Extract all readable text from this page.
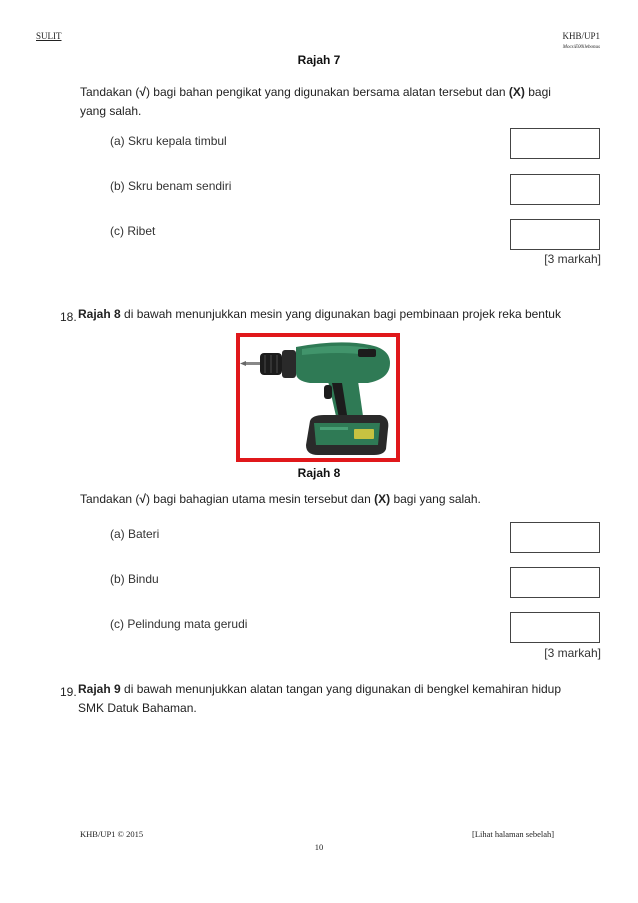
SULIT	KHB/UP1
Mocs\E00ilebonus
Rajah 7
Tandakan (√) bagi bahan pengikat yang digunakan bersama alatan tersebut dan (X) bagi
yang salah.
(a) Skru kepala timbul
(b) Skru benam sendiri
(c) Ribet
[3 markah]
18. Rajah 8 di bawah menunjukkan mesin yang digunakan bagi pembinaan projek reka bentuk
Rajah 8
Tandakan (√) bagi bahagian utama mesin tersebut dan (X) bagi yang salah.
(a) Bateri
(b) Bindu
(c) Pelindung mata gerudi
[3 markah]
19. Rajah 9 di bawah menunjukkan alatan tangan yang digunakan di bengkel kemahiran hidup
SMK Datuk Bahaman.
KHB/UP1 © 2015	[Lihat halaman sebelah]
10
